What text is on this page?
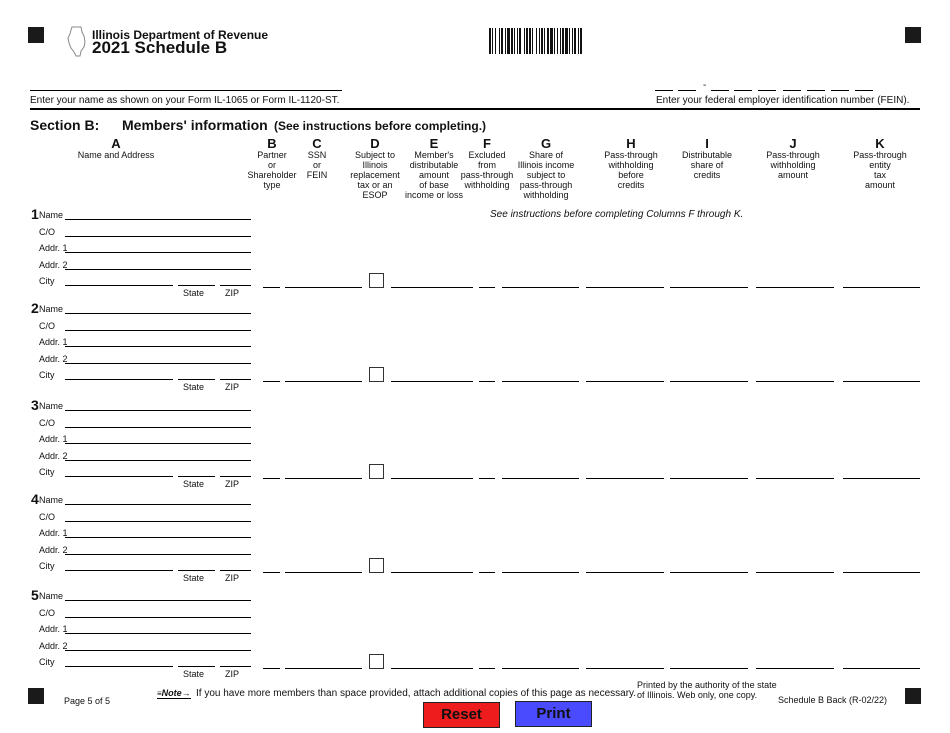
Illinois Department of Revenue
2021 Schedule B
-
Enter your name as shown on your Form IL-1065 or Form IL-1120-ST.	Enter your federal employer identification number (FEIN).
Section B: Members' information (See instructions before completing.)
A
Name and Address
B
Partner
or
Shareholder
type
C
SSN
or
FEIN
D
Subject to
Illinois
replacement
tax or an
ESOP
E
Member's
distributable
amount
of base
income or loss
F
Excluded
from
pass-through
withholding
G
Share of
Illinois income
subject to
pass-through
withholding
H
Pass-through
withholding
before
credits
I
Distributable
share of
credits
J
Pass-through
withholding
amount
K
Pass-through
entity
tax
amount
See instructions before completing Columns F through K.
1 Name
C/O
Addr. 1
Addr. 2
City
State ZIP
2 Name
C/O
Addr. 1
Addr. 2
City
State ZIP
3 Name
C/O
Addr. 1
Addr. 2
City
State ZIP
4 Name
C/O
Addr. 1
Addr. 2
City
State ZIP
5 Name
C/O
Addr. 1
Addr. 2
City
State ZIP
Page 5 of 5
≡Note→ If you have more members than space provided, attach additional copies of this page as necessary.
Printed by the authority of the state
of Illinois. Web only, one copy.	Schedule B Back (R-02/22)
Reset	Print
